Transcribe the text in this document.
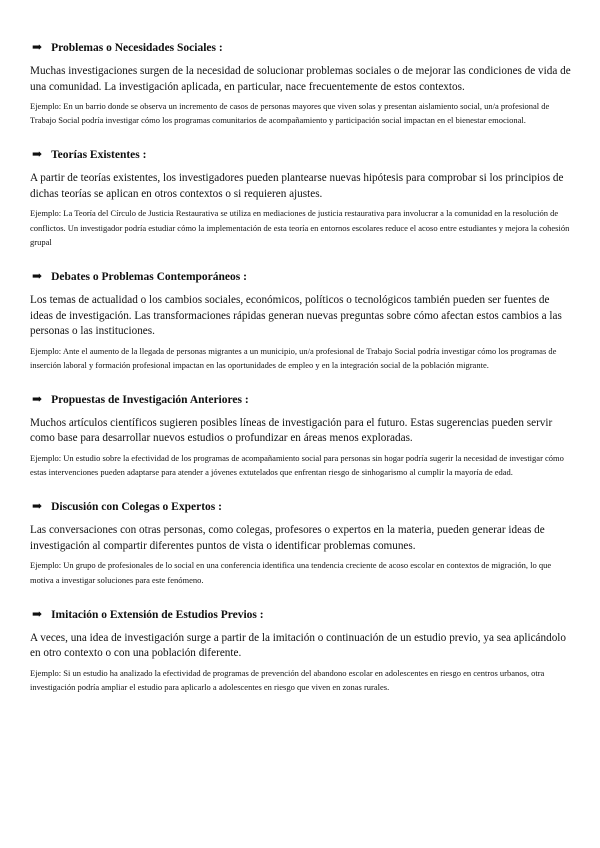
➡ Problemas o Necesidades Sociales :

Muchas investigaciones surgen de la necesidad de solucionar problemas sociales o de mejorar las condiciones de vida de una comunidad. La investigación aplicada, en particular, nace frecuentemente de estos contextos.

Ejemplo: En un barrio donde se observa un incremento de casos de personas mayores que viven solas y presentan aislamiento social, un/a profesional de Trabajo Social podría investigar cómo los programas comunitarios de acompañamiento y participación social impactan en el bienestar emocional.

➡ Teorías Existentes :

A partir de teorías existentes, los investigadores pueden plantearse nuevas hipótesis para comprobar si los principios de dichas teorías se aplican en otros contextos o si requieren ajustes.

Ejemplo: La Teoría del Círculo de Justicia Restaurativa se utiliza en mediaciones de justicia restaurativa para involucrar a la comunidad en la resolución de conflictos. Un investigador podría estudiar cómo la implementación de esta teoría en entornos escolares reduce el acoso entre estudiantes y mejora la cohesión grupal

➡ Debates o Problemas Contemporáneos :

Los temas de actualidad o los cambios sociales, económicos, políticos o tecnológicos también pueden ser fuentes de ideas de investigación. Las transformaciones rápidas generan nuevas preguntas sobre cómo afectan estos cambios a las personas o las instituciones.

Ejemplo: Ante el aumento de la llegada de personas migrantes a un municipio, un/a profesional de Trabajo Social podría investigar cómo los programas de inserción laboral y formación profesional impactan en las oportunidades de empleo y en la integración social de la población migrante.

➡ Propuestas de Investigación Anteriores :

Muchos artículos científicos sugieren posibles líneas de investigación para el futuro. Estas sugerencias pueden servir como base para desarrollar nuevos estudios o profundizar en áreas menos exploradas.

Ejemplo: Un estudio sobre la efectividad de los programas de acompañamiento social para personas sin hogar podría sugerir la necesidad de investigar cómo estas intervenciones pueden adaptarse para atender a jóvenes extutelados que enfrentan riesgo de sinhogarismo al cumplir la mayoría de edad.

➡ Discusión con Colegas o Expertos :

Las conversaciones con otras personas, como colegas, profesores o expertos en la materia, pueden generar ideas de investigación al compartir diferentes puntos de vista o identificar problemas comunes.

Ejemplo: Un grupo de profesionales de lo social en una conferencia identifica una tendencia creciente de acoso escolar en contextos de migración, lo que motiva a investigar soluciones para este fenómeno.

➡ Imitación o Extensión de Estudios Previos :

A veces, una idea de investigación surge a partir de la imitación o continuación de un estudio previo, ya sea aplicándolo en otro contexto o con una población diferente.

Ejemplo: Si un estudio ha analizado la efectividad de programas de prevención del abandono escolar en adolescentes en riesgo en centros urbanos, otra investigación podría ampliar el estudio para aplicarlo a adolescentes en riesgo que viven en zonas rurales.
